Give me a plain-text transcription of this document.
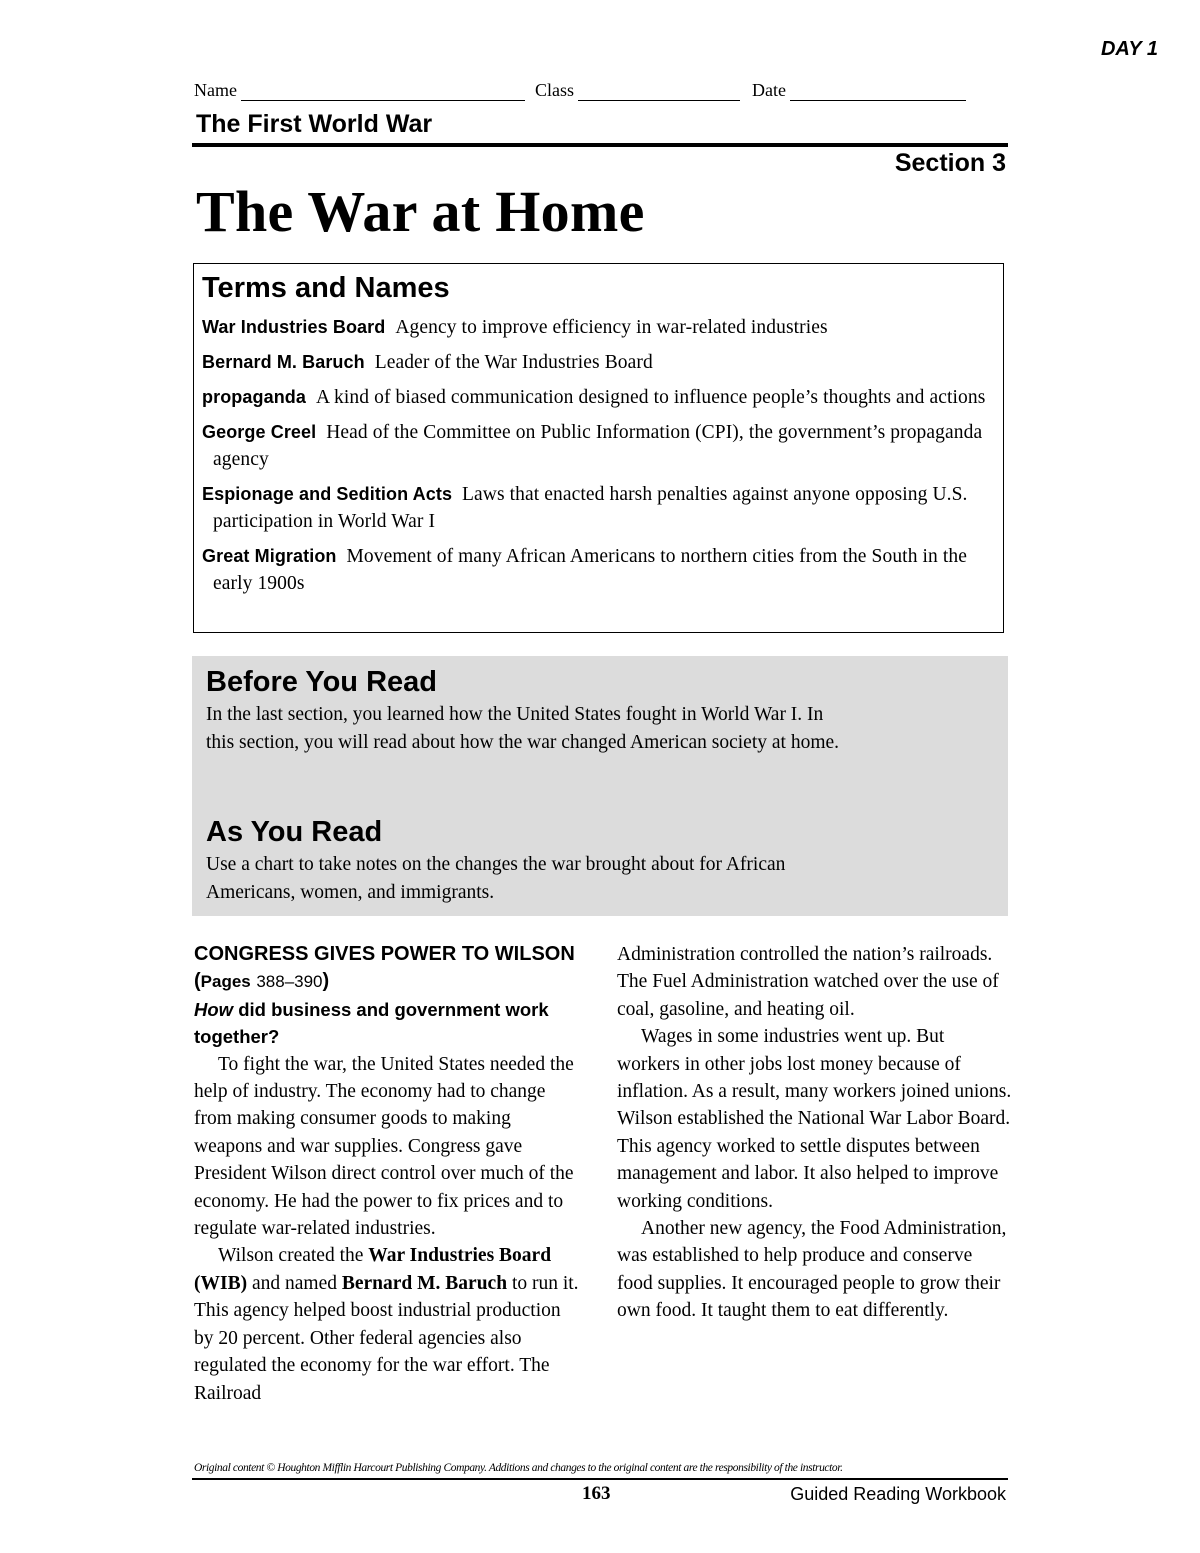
DAY 1
Name	Class	Date
The First World War
Section 3
The War at Home
Terms and Names
War Industries Board Agency to improve efficiency in war-related industries
Bernard M. Baruch Leader of the War Industries Board
propaganda A kind of biased communication designed to influence people’s thoughts and actions
George Creel Head of the Committee on Public Information (CPI), the government’s propaganda agency
Espionage and Sedition Acts Laws that enacted harsh penalties against anyone opposing U.S. participation in World War I
Great Migration Movement of many African Americans to northern cities from the South in the early 1900s
Before You Read
In the last section, you learned how the United States fought in World War I. In this section, you will read about how the war changed American society at home.
As You Read
Use a chart to take notes on the changes the war brought about for African Americans, women, and immigrants.
CONGRESS GIVES POWER TO WILSON (Pages 388–390)
How did business and government work together?

To fight the war, the United States needed the help of industry. The economy had to change from making consumer goods to making weapons and war supplies. Congress gave President Wilson direct control over much of the economy. He had the power to fix prices and to regulate war-related industries.

Wilson created the War Industries Board (WIB) and named Bernard M. Baruch to run it. This agency helped boost industrial production by 20 percent. Other federal agencies also regulated the economy for the war effort. The Railroad

Administration controlled the nation’s railroads. The Fuel Administration watched over the use of coal, gasoline, and heating oil.

Wages in some industries went up. But workers in other jobs lost money because of inflation. As a result, many workers joined unions. Wilson established the National War Labor Board. This agency worked to settle disputes between management and labor. It also helped to improve working conditions.

Another new agency, the Food Administration, was established to help produce and conserve food supplies. It encouraged people to grow their own food. It taught them to eat differently.

Original content © Houghton Mifflin Harcourt Publishing Company. Additions and changes to the original content are the responsibility of the instructor.
163	Guided Reading Workbook
